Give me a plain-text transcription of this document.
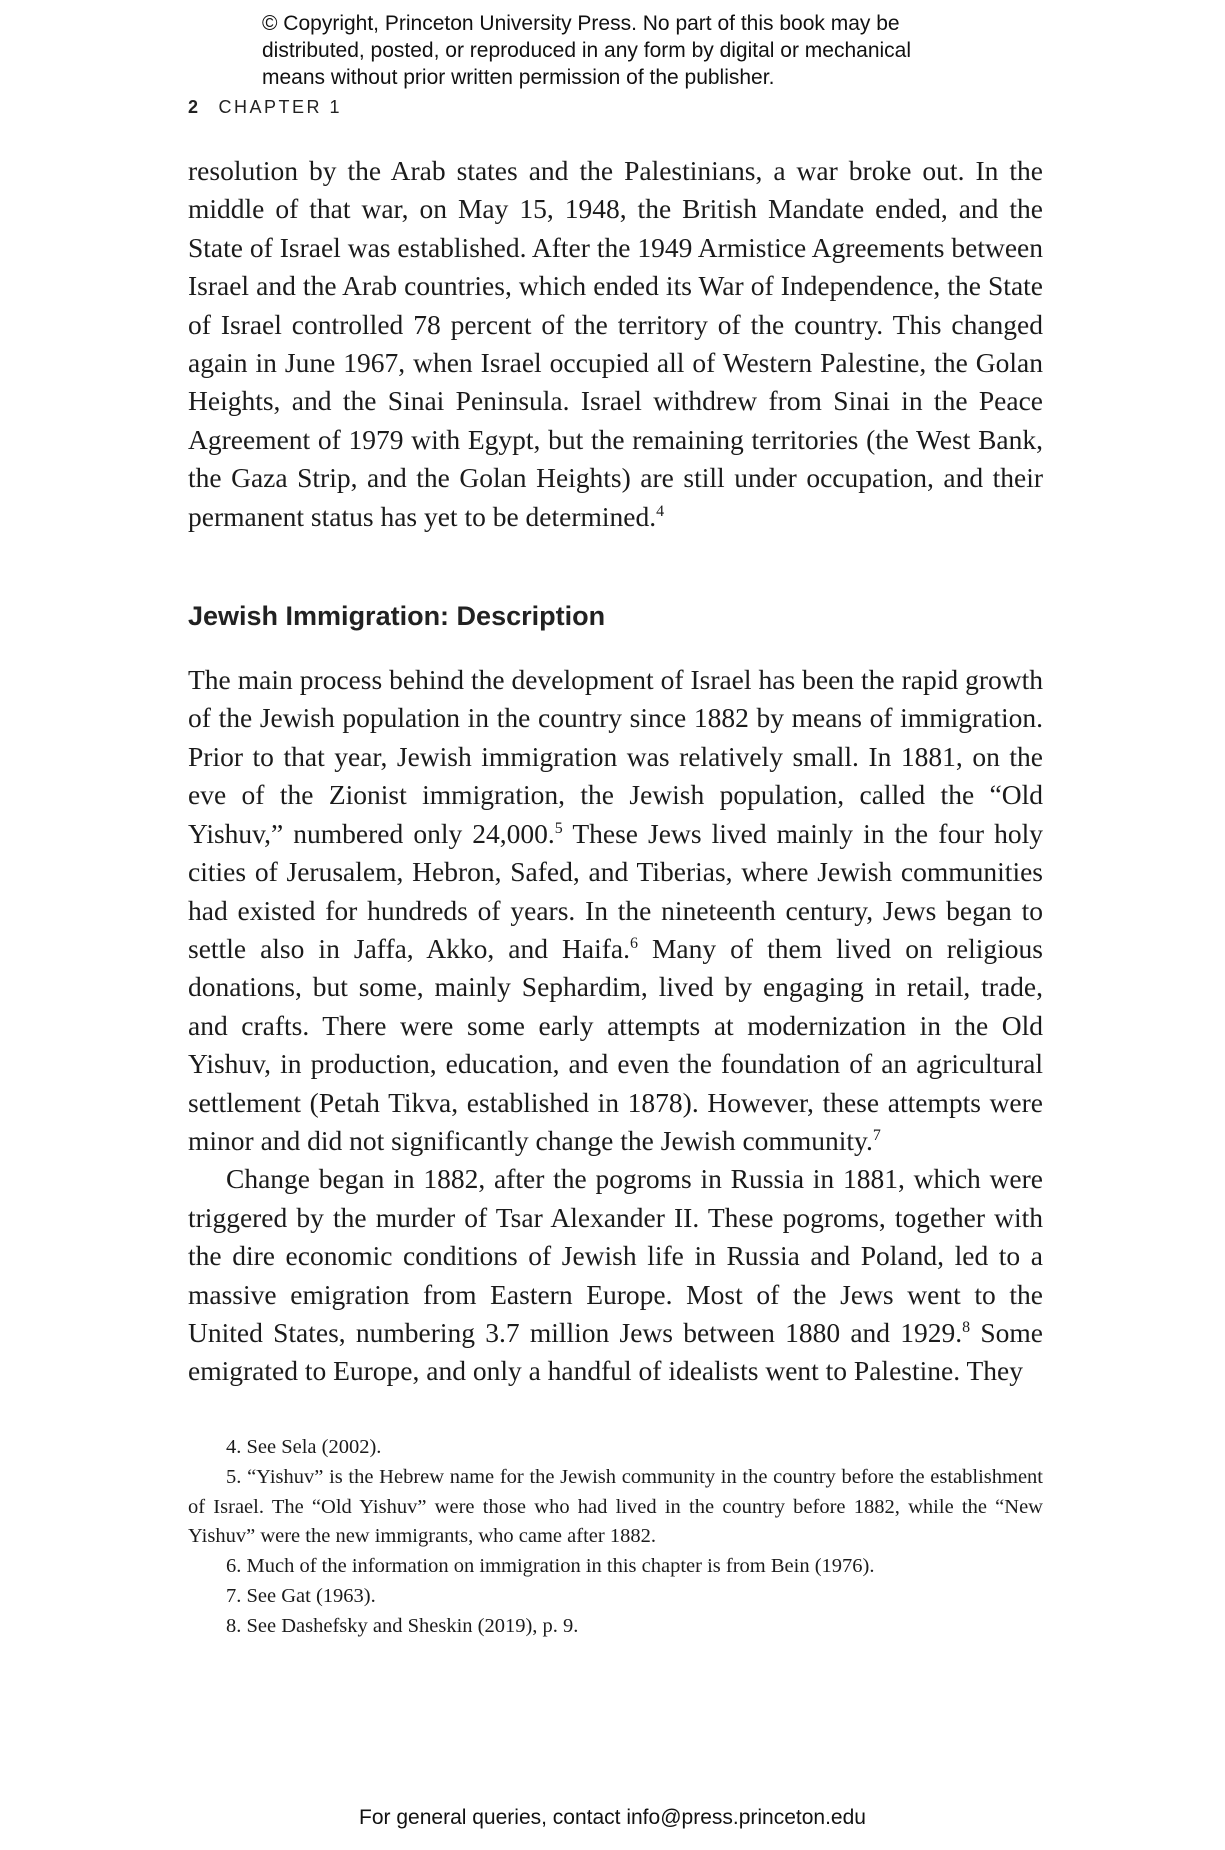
© Copyright, Princeton University Press. No part of this book may be

distributed, posted, or reproduced in any form by digital or mechanical

means without prior written permission of the publisher.

2 CHAPTER 1

resolution by the Arab states and the Palestinians, a war broke out. In the middle of that war, on May 15, 1948, the British Mandate ended, and the State of Israel was established. After the 1949 Armistice Agreements between Israel and the Arab countries, which ended its War of Independence, the State of Israel controlled 78 percent of the territory of the country. This changed again in June 1967, when Israel occupied all of Western Palestine, the Golan Heights, and the Sinai Peninsula. Israel withdrew from Sinai in the Peace Agreement of 1979 with Egypt, but the remaining territories (the West Bank, the Gaza Strip, and the Golan Heights) are still under occupation, and their permanent status has yet to be determined.$^4$

Jewish Immigration: Description

The main process behind the development of Israel has been the rapid growth of the Jewish population in the country since 1882 by means of immigration. Prior to that year, Jewish immigration was relatively small. In 1881, on the eve of the Zionist immigration, the Jewish population, called the “Old Yishuv,” numbered only 24,000.$^5$ These Jews lived mainly in the four holy cities of Jerusalem, Hebron, Safed, and Tiberias, where Jewish communities had existed for hundreds of years. In the nineteenth century, Jews began to settle also in Jaffa, Akko, and Haifa.$^6$ Many of them lived on religious donations, but some, mainly Sephardim, lived by engaging in retail, trade, and crafts. There were some early attempts at modernization in the Old Yishuv, in production, education, and even the foundation of an agricultural settlement (Petah Tikva, established in 1878). However, these attempts were minor and did not significantly change the Jewish community.$^7$

Change began in 1882, after the pogroms in Russia in 1881, which were triggered by the murder of Tsar Alexander II. These pogroms, together with the dire economic conditions of Jewish life in Russia and Poland, led to a massive emigration from Eastern Europe. Most of the Jews went to the United States, numbering 3.7 million Jews between 1880 and 1929.$^8$ Some emigrated to Europe, and only a handful of idealists went to Palestine. They

4. See Sela (2002).

5. “Yishuv” is the Hebrew name for the Jewish community in the country before the establishment of Israel. The “Old Yishuv” were those who had lived in the country before 1882, while the “New Yishuv” were the new immigrants, who came after 1882.

6. Much of the information on immigration in this chapter is from Bein (1976).

7. See Gat (1963).

8. See Dashefsky and Sheskin (2019), p. 9.

For general queries, contact info@press.princeton.edu
